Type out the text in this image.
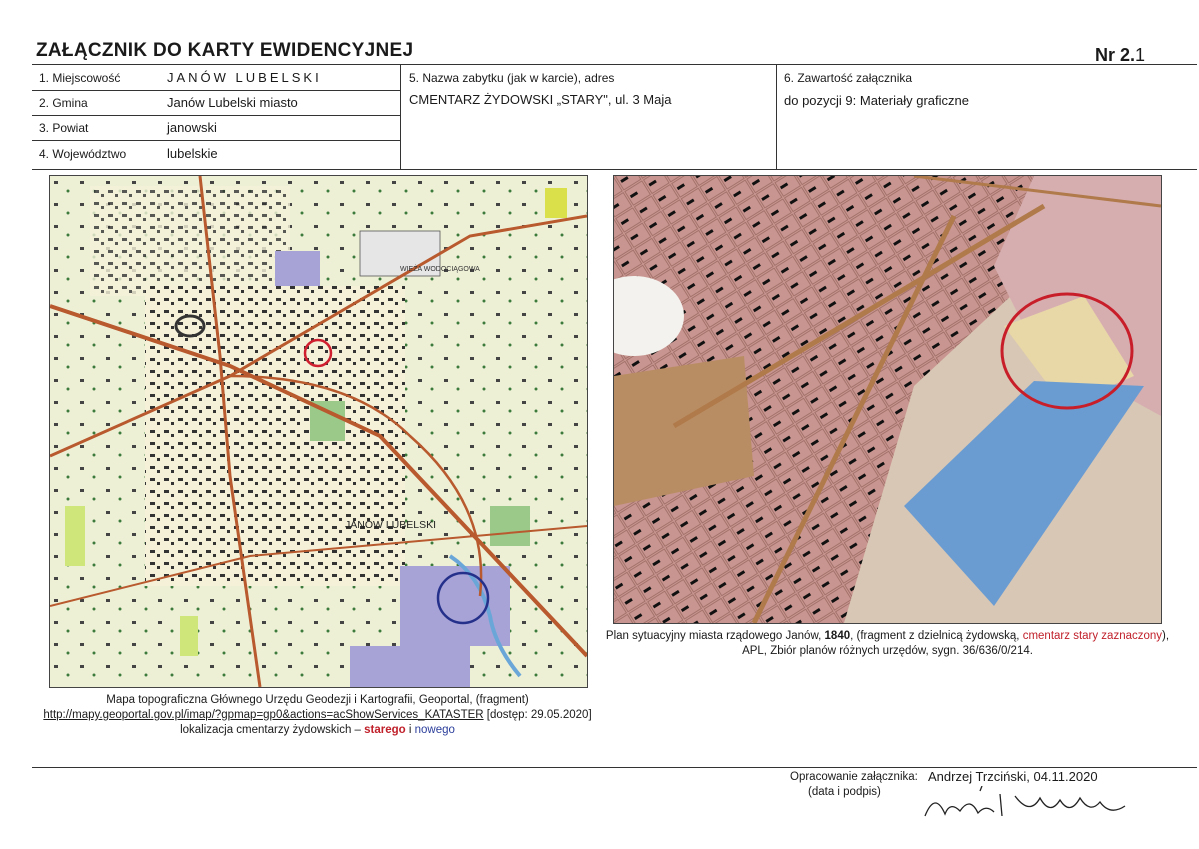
ZAŁĄCZNIK DO KARTY EWIDENCYJNEJ	Nr 2.1
1. Miejscowość	JANÓW LUBELSKI
2. Gmina	Janów Lubelski miasto
3. Powiat	janowski
4. Województwo	lubelskie
5. Nazwa zabytku (jak w karcie), adres
CMENTARZ ŻYDOWSKI „STARY", ul. 3 Maja
6. Zawartość załącznika
do pozycji 9: Materiały graficzne
WIEŻA WODOCIĄGOWA
JANÓW LUBELSKI
Mapa topograficzna Głównego Urzędu Geodezji i Kartografii, Geoportal, (fragment)
http://mapy.geoportal.gov.pl/imap/?gpmap=gp0&actions=acShowServices_KATASTER [dostęp: 29.05.2020]
lokalizacja cmentarzy żydowskich – starego i nowego
Plan sytuacyjny miasta rządowego Janów, 1840, (fragment z dzielnicą żydowską, cmentarz stary zaznaczony),
APL, Zbiór planów różnych urzędów, sygn. 36/636/0/214.
Opracowanie załącznika:
(data i podpis)
Andrzej Trzciński, 04.11.2020
